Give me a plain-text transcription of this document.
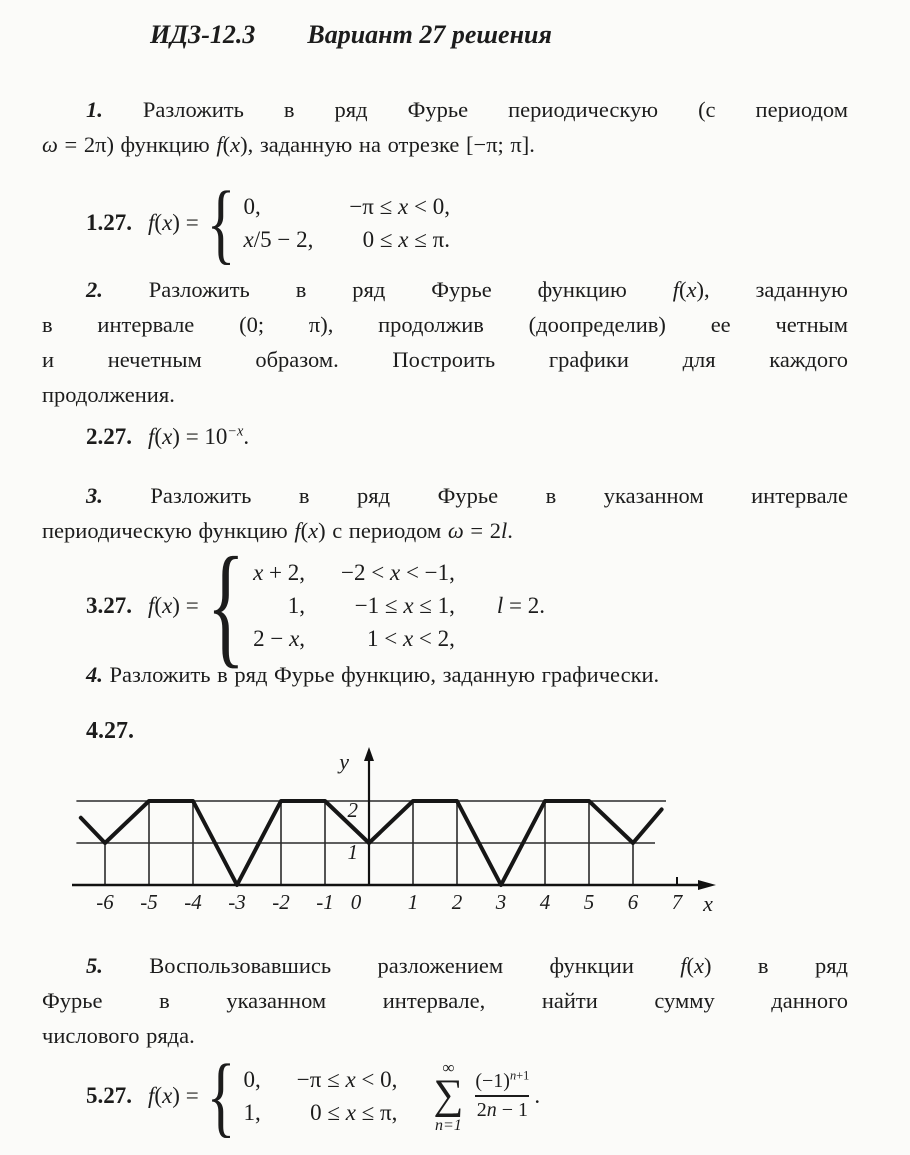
ИДЗ-12.3 Вариант 27 решения
1. Разложить в ряд Фурье периодическую (с периодом
ω = 2π) функцию f(x), заданную на отрезке [−π; π].
1.27. f(x) = { 0,	−π ≤ x < 0,
x/5 − 2,	0 ≤ x ≤ π.
2. Разложить в ряд Фурье функцию f(x), заданную
в интервале (0; π), продолжив (доопределив) ее четным
и нечетным образом. Построить графики для каждого
продолжения.
2.27. $f(x) = 10^{-x}$.
3. Разложить в ряд Фурье в указанном интервале
периодическую функцию f(x) с периодом ω = 2l.
3.27. f(x) = { x + 2, −2 < x < −1,
1,	−1 ≤ x ≤ 1,
2 − x,	1 < x < 2,
l = 2.
4. Разложить в ряд Фурье функцию, заданную графически.
4.27.
-6 -5 -4 -3 -2 -1 0 1 2 3 4 5 6 7
2
1
y
x
5. Воспользовавшись разложением функции f(x) в ряд
Фурье в указанном интервале, найти сумму данного
числового ряда.
5.27. f(x) = { 0, −π ≤ x < 0,
1,	0 ≤ x ≤ π,
∞
∑
n=1
$\frac{(-1)^{n+1}}{2n - 1}$ .
